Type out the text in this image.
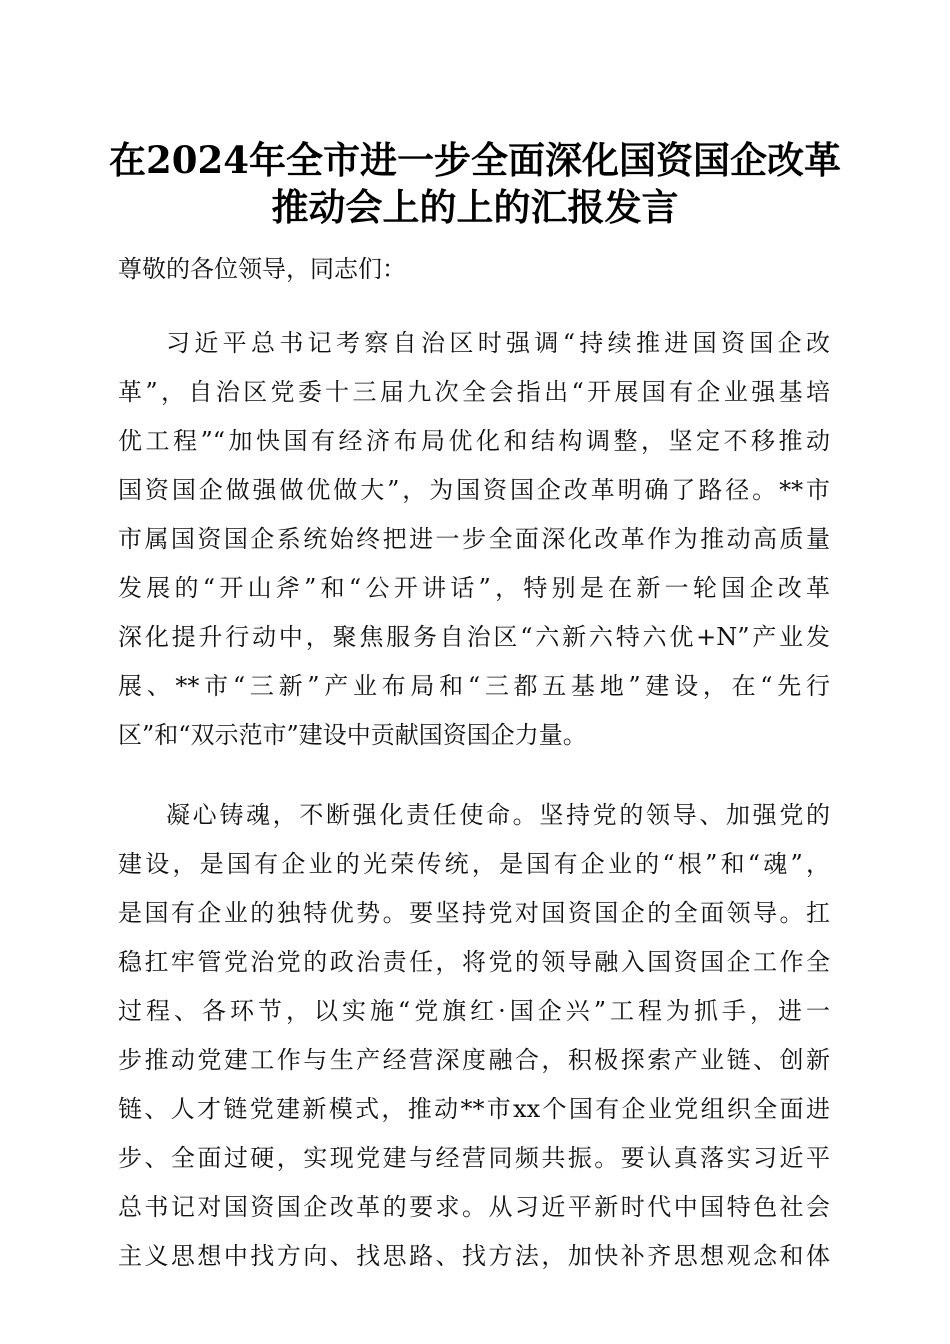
在2024年全市进一步全面深化国资国企改革
推动会上的上的汇报发言
尊敬的各位领导，同志们：
习近平总书记考察自治区时强调“持续推进国资国企改
革”，自治区党委十三届九次全会指出“开展国有企业强基培
优工程”“加快国有经济布局优化和结构调整，坚定不移推动
国资国企做强做优做大”，为国资国企改革明确了路径。**市
市属国资国企系统始终把进一步全面深化改革作为推动高质量
发展的“开山斧”和“公开讲话”，特别是在新一轮国企改革
深化提升行动中，聚焦服务自治区“六新六特六优+N”产业发
展、**市“三新”产业布局和“三都五基地”建设，在“先行
区”和“双示范市”建设中贡献国资国企力量。
凝心铸魂，不断强化责任使命。坚持党的领导、加强党的
建设，是国有企业的光荣传统，是国有企业的“根”和“魂”，
是国有企业的独特优势。要坚持党对国资国企的全面领导。扛
稳扛牢管党治党的政治责任，将党的领导融入国资国企工作全
过程、各环节，以实施“党旗红·国企兴”工程为抓手，进一
步推动党建工作与生产经营深度融合，积极探索产业链、创新
链、人才链党建新模式，推动**市xx个国有企业党组织全面进
步、全面过硬，实现党建与经营同频共振。要认真落实习近平
总书记对国资国企改革的要求。从习近平新时代中国特色社会
主义思想中找方向、找思路、找方法，加快补齐思想观念和体
